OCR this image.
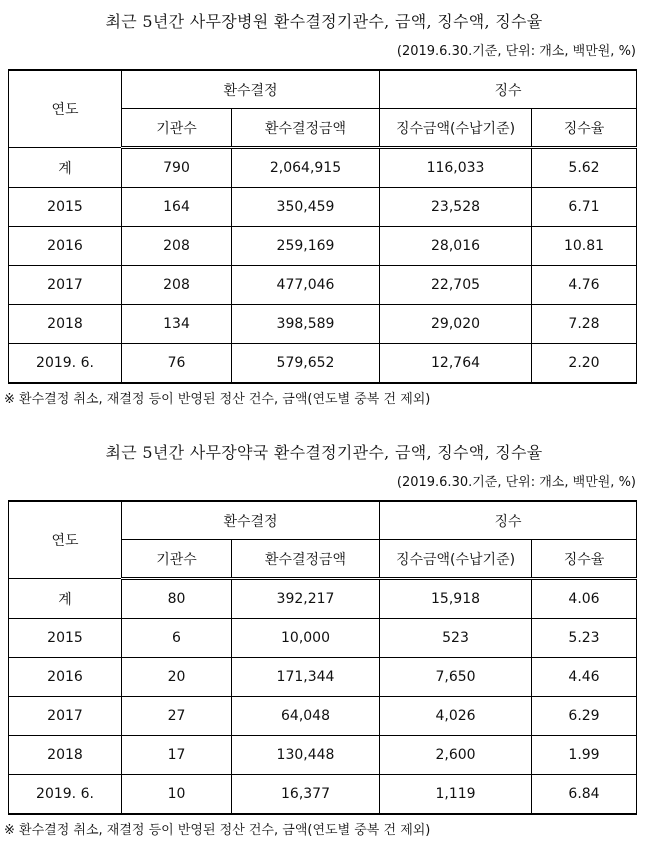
최근 5년간 사무장병원 환수결정기관수, 금액, 징수액, 징수율
(2019.6.30.기준, 단위: 개소, 백만원, %)
연도	환수결정		징수	
	기관수	환수결정금액	징수금액(수납기준)	징수율
계	790	2,064,915	116,033	5.62
2015	164	350,459	23,528	6.71
2016	208	259,169	28,016	10.81
2017	208	477,046	22,705	4.76
2018	134	398,589	29,020	7.28
2019. 6.	76	579,652	12,764	2.20
※ 환수결정 취소, 재결정 등이 반영된 정산 건수, 금액(연도별 중복 건 제외)
최근 5년간 사무장약국 환수결정기관수, 금액, 징수액, 징수율
(2019.6.30.기준, 단위: 개소, 백만원, %)
연도	환수결정		징수	
	기관수	환수결정금액	징수금액(수납기준)	징수율
계	80	392,217	15,918	4.06
2015	6	10,000	523	5.23
2016	20	171,344	7,650	4.46
2017	27	64,048	4,026	6.29
2018	17	130,448	2,600	1.99
2019. 6.	10	16,377	1,119	6.84
※ 환수결정 취소, 재결정 등이 반영된 정산 건수, 금액(연도별 중복 건 제외)
